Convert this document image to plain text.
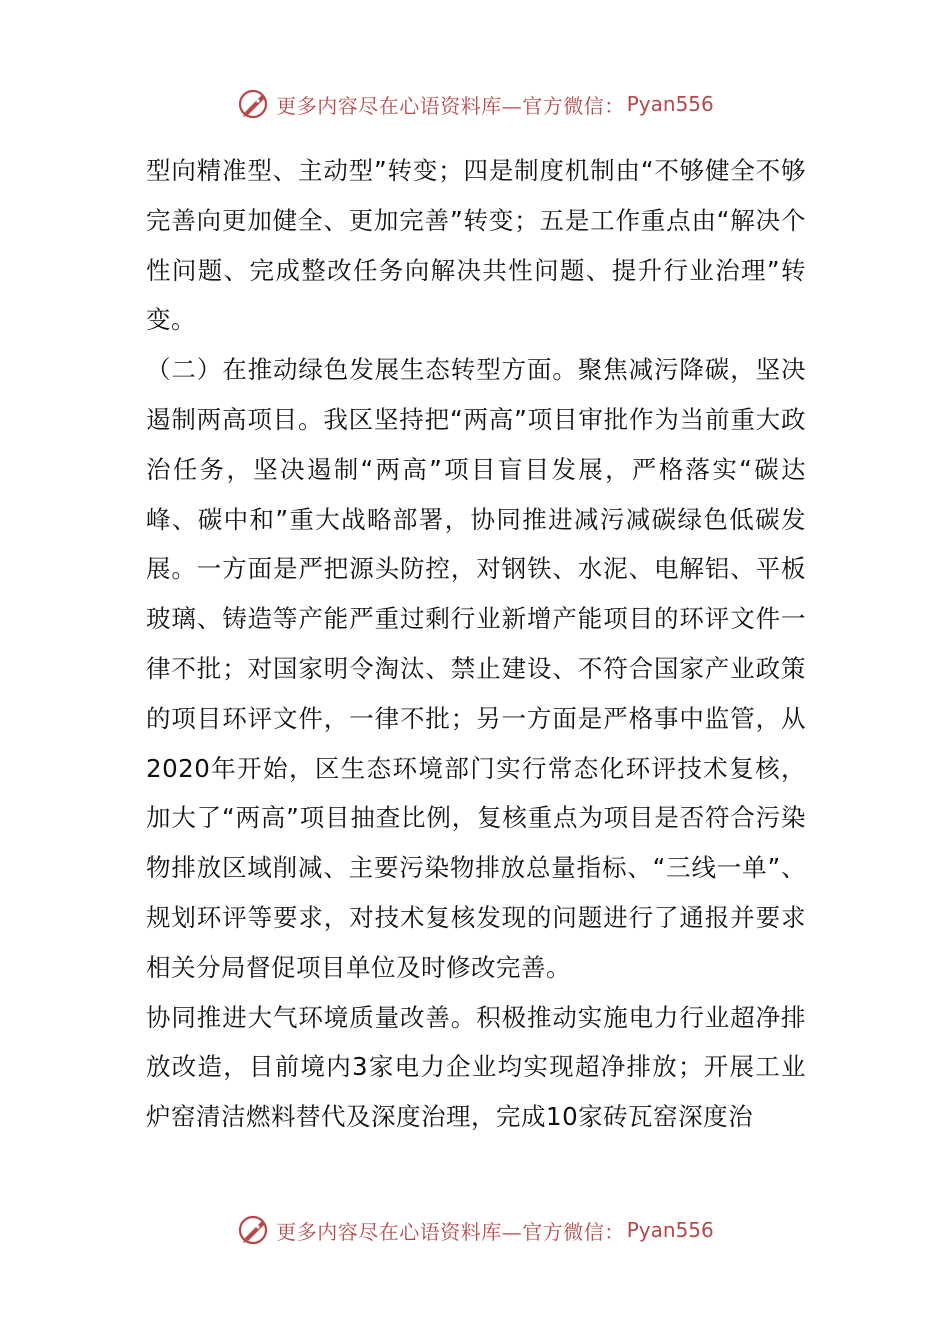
更多内容尽在心语资料库—官方微信： Pyan556

型向精准型、主动型”转变；四是制度机制由“不够健全不够完善向更加健全、更加完善”转变；五是工作重点由“解决个性问题、完成整改任务向解决共性问题、提升行业治理”转变。

（二）在推动绿色发展生态转型方面。聚焦减污降碳，坚决遏制两高项目。我区坚持把“两高”项目审批作为当前重大政治任务，坚决遏制“两高”项目盲目发展，严格落实“碳达峰、碳中和”重大战略部署，协同推进减污减碳绿色低碳发展。一方面是严把源头防控，对钢铁、水泥、电解铝、平板玻璃、铸造等产能严重过剩行业新增产能项目的环评文件一律不批；对国家明令淘汰、禁止建设、不符合国家产业政策的项目环评文件，一律不批；另一方面是严格事中监管，从2020年开始，区生态环境部门实行常态化环评技术复核，加大了“两高”项目抽查比例，复核重点为项目是否符合污染物排放区域削减、主要污染物排放总量指标、“三线一单”、规划环评等要求，对技术复核发现的问题进行了通报并要求相关分局督促项目单位及时修改完善。

协同推进大气环境质量改善。积极推动实施电力行业超净排放改造，目前境内3家电力企业均实现超净排放；开展工业炉窑清洁燃料替代及深度治理，完成10家砖瓦窑深度治

更多内容尽在心语资料库—官方微信： Pyan556
